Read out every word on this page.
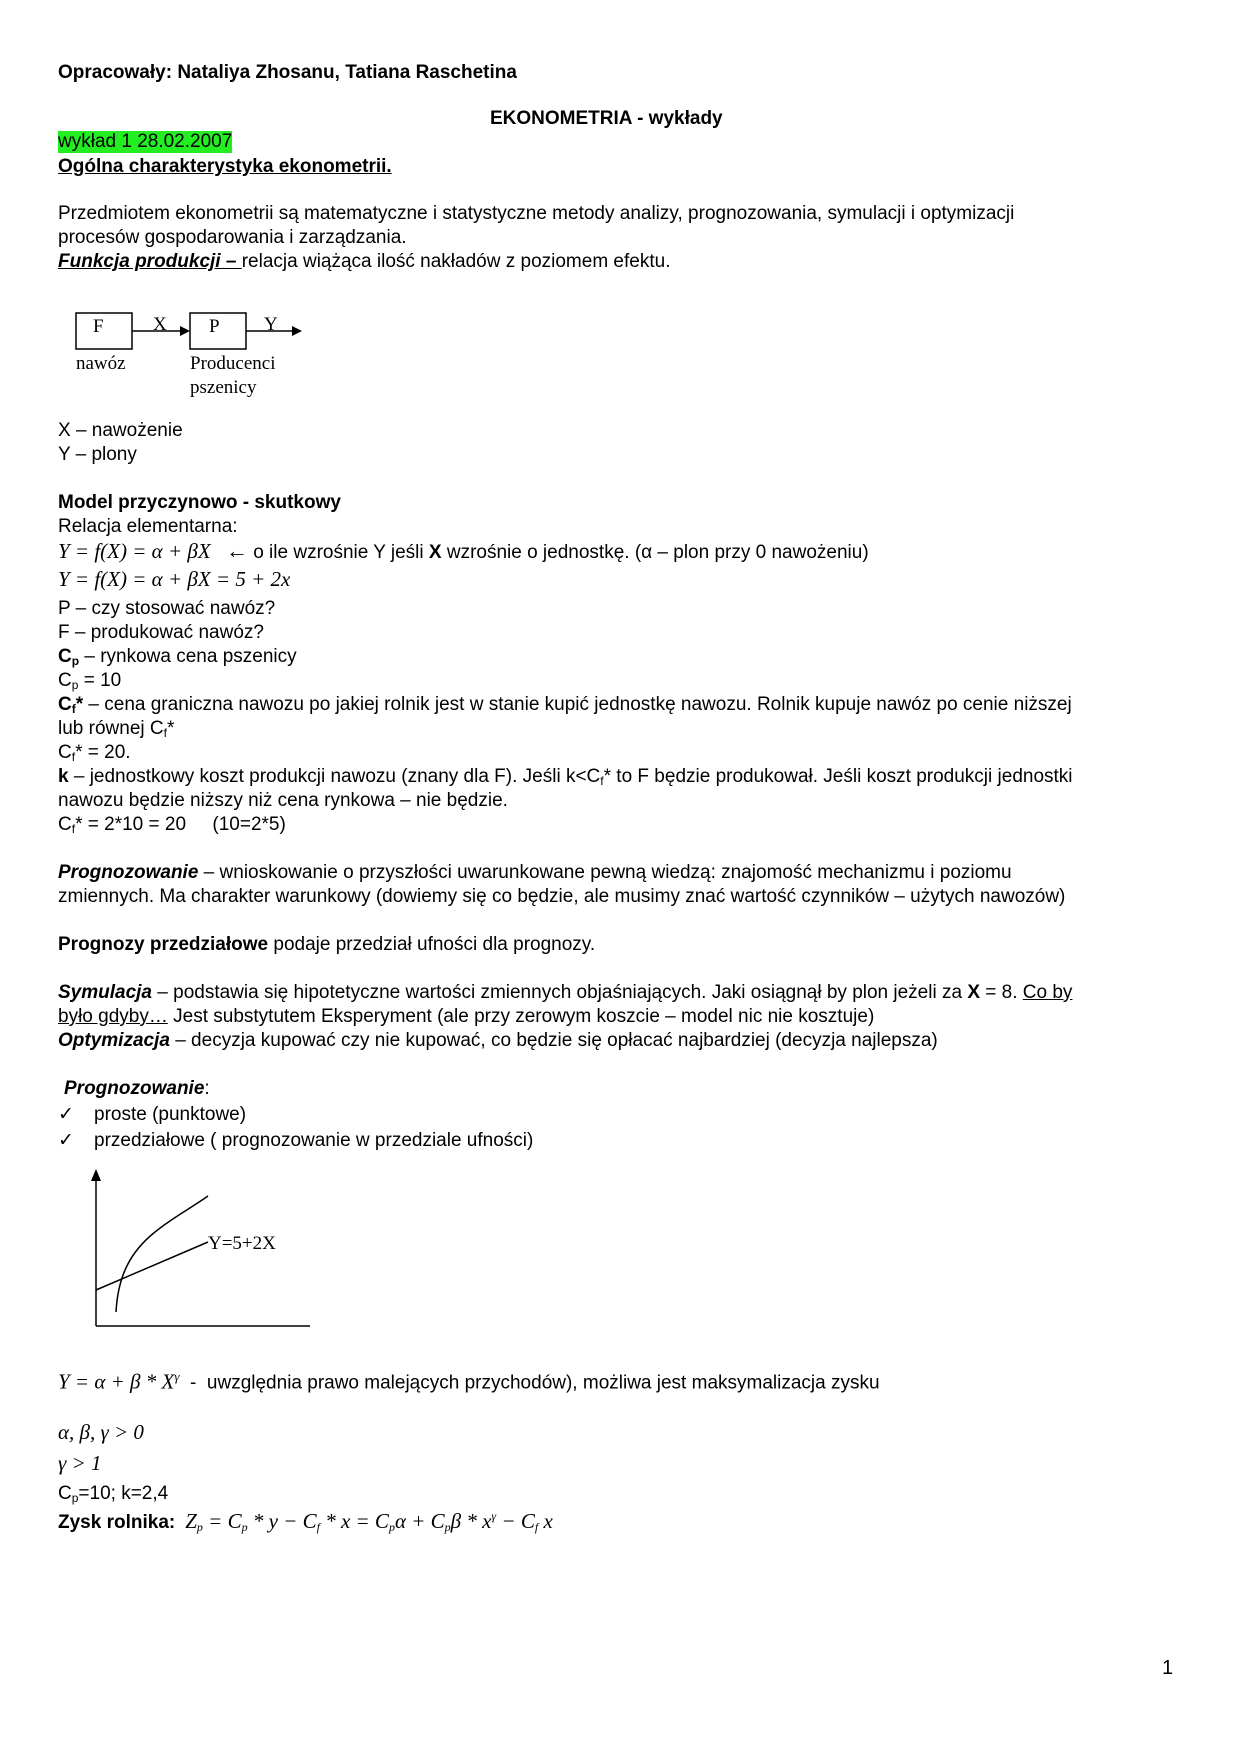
Opracowały: Nataliya Zhosanu, Tatiana Raschetina
EKONOMETRIA - wykłady
wykład 1 28.02.2007
Ogólna charakterystyka ekonometrii.
Przedmiotem ekonometrii są matematyczne i statystyczne metody analizy, prognozowania, symulacji i optymizacji
procesów gospodarowania i zarządzania.
Funkcja produkcji – relacja wiążąca ilość nakładów z poziomem efektu.
F	P
X	Y
nawóz	Producenci
pszenicy
X – nawożenie
Y – plony
Model przyczynowo - skutkowy
Relacja elementarna:
Y = f(X) = α + βX ← o ile wzrośnie Y jeśli X wzrośnie o jednostkę. (α – plon przy 0 nawożeniu)
Y = f(X) = α + βX = 5 + 2x
P – czy stosować nawóz?
F – produkować nawóz?
$C_p$ – rynkowa cena pszenicy
$C_p = 10$
$C_f*$ – cena graniczna nawozu po jakiej rolnik jest w stanie kupić jednostkę nawozu. Rolnik kupuje nawóz po cenie niższej
lub równej $C_f*$
$C_f* = 20$.
k – jednostkowy koszt produkcji nawozu (znany dla F). Jeśli $k<C_f*$ to F będzie produkował. Jeśli koszt produkcji jednostki
nawozu będzie niższy niż cena rynkowa – nie będzie.
$C_f* = 2*10 = 20$     (10=2*5)
Prognozowanie – wnioskowanie o przyszłości uwarunkowane pewną wiedzą: znajomość mechanizmu i poziomu
zmiennych. Ma charakter warunkowy (dowiemy się co będzie, ale musimy znać wartość czynników – użytych nawozów)
Prognozy przedziałowe podaje przedział ufności dla prognozy.
Symulacja – podstawia się hipotetyczne wartości zmiennych objaśniających. Jaki osiągnął by plon jeżeli za X = 8. Co by
było gdyby… Jest substytutem Eksperyment (ale przy zerowym koszcie – model nic nie kosztuje)
Optymizacja – decyzja kupować czy nie kupować, co będzie się opłacać najbardziej (decyzja najlepsza)
Prognozowanie:
✓ proste (punktowe)
✓ przedziałowe ( prognozowanie w przedziale ufności)
Y=5+2X
$Y = \alpha + \beta * X^\gamma$  -  uwzględnia prawo malejących przychodów), możliwa jest maksymalizacja zysku
α, β, γ > 0
γ > 1
$C_p=10$; k=2,4
Zysk rolnika: $Z_p = C_p * y - C_f * x = C_p\alpha + C_p\beta * x^\gamma - C_f$ x
1
